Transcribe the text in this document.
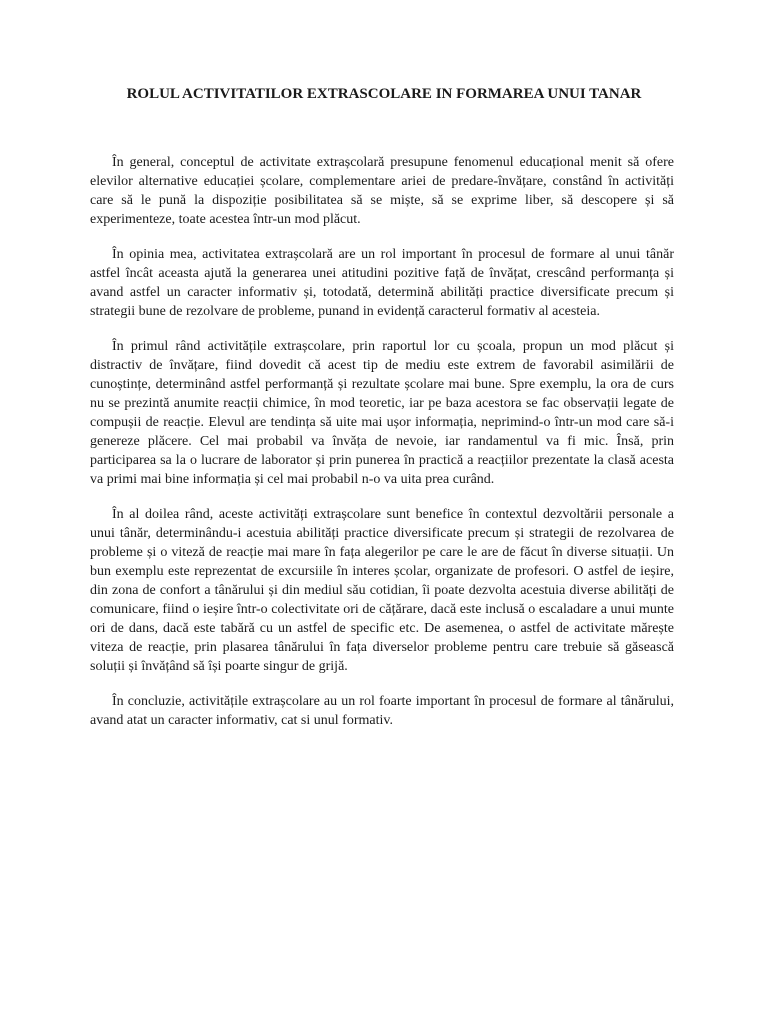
ROLUL ACTIVITATILOR EXTRASCOLARE IN FORMAREA UNUI TANAR

În general, conceptul de activitate extrașcolară presupune fenomenul educațional menit să ofere elevilor alternative educației școlare, complementare ariei de predare-învățare, constând în activități care să le pună la dispoziție posibilitatea să se miște, să se exprime liber, să descopere și să experimenteze, toate acestea într-un mod plăcut.

În opinia mea, activitatea extrașcolară are un rol important în procesul de formare al unui tânăr astfel încât aceasta ajută la generarea unei atitudini pozitive față de învățat, crescând performanța și avand astfel un caracter informativ și, totodată, determină abilități practice diversificate precum și strategii bune de rezolvare de probleme, punand in evidență caracterul formativ al acesteia.

În primul rând activitățile extrașcolare, prin raportul lor cu școala, propun un mod plăcut și distractiv de învățare, fiind dovedit că acest tip de mediu este extrem de favorabil asimilării de cunoștințe, determinând astfel performanță și rezultate școlare mai bune. Spre exemplu, la ora de curs nu se prezintă anumite reacții chimice, în mod teoretic, iar pe baza acestora se fac observații legate de compușii de reacție. Elevul are tendința să uite mai ușor informația, neprimind-o într-un mod care să-i genereze plăcere. Cel mai probabil va învăța de nevoie, iar randamentul va fi mic. Însă, prin participarea sa la o lucrare de laborator și prin punerea în practică a reacțiilor prezentate la clasă acesta va primi mai bine informația și cel mai probabil n-o va uita prea curând.

În al doilea rând, aceste activități extrașcolare sunt benefice în contextul dezvoltării personale a unui tânăr, determinându-i acestuia abilități practice diversificate precum și strategii de rezolvarea de probleme și o viteză de reacție mai mare în fața alegerilor pe care le are de făcut în diverse situații. Un bun exemplu este reprezentat de excursiile în interes școlar, organizate de profesori. O astfel de ieșire, din zona de confort a tânărului și din mediul său cotidian, îi poate dezvolta acestuia diverse abilități de comunicare, fiind o ieșire într-o colectivitate ori de cățărare, dacă este inclusă o escaladare a unui munte ori de dans, dacă este tabără cu un astfel de specific etc. De asemenea, o astfel de activitate mărește viteza de reacție, prin plasarea tânărului în fața diverselor probleme pentru care trebuie să găsească soluții și învățând să își poarte singur de grijă.

În concluzie, activitățile extrașcolare au un rol foarte important în procesul de formare al tânărului, avand atat un caracter informativ, cat si unul formativ.
